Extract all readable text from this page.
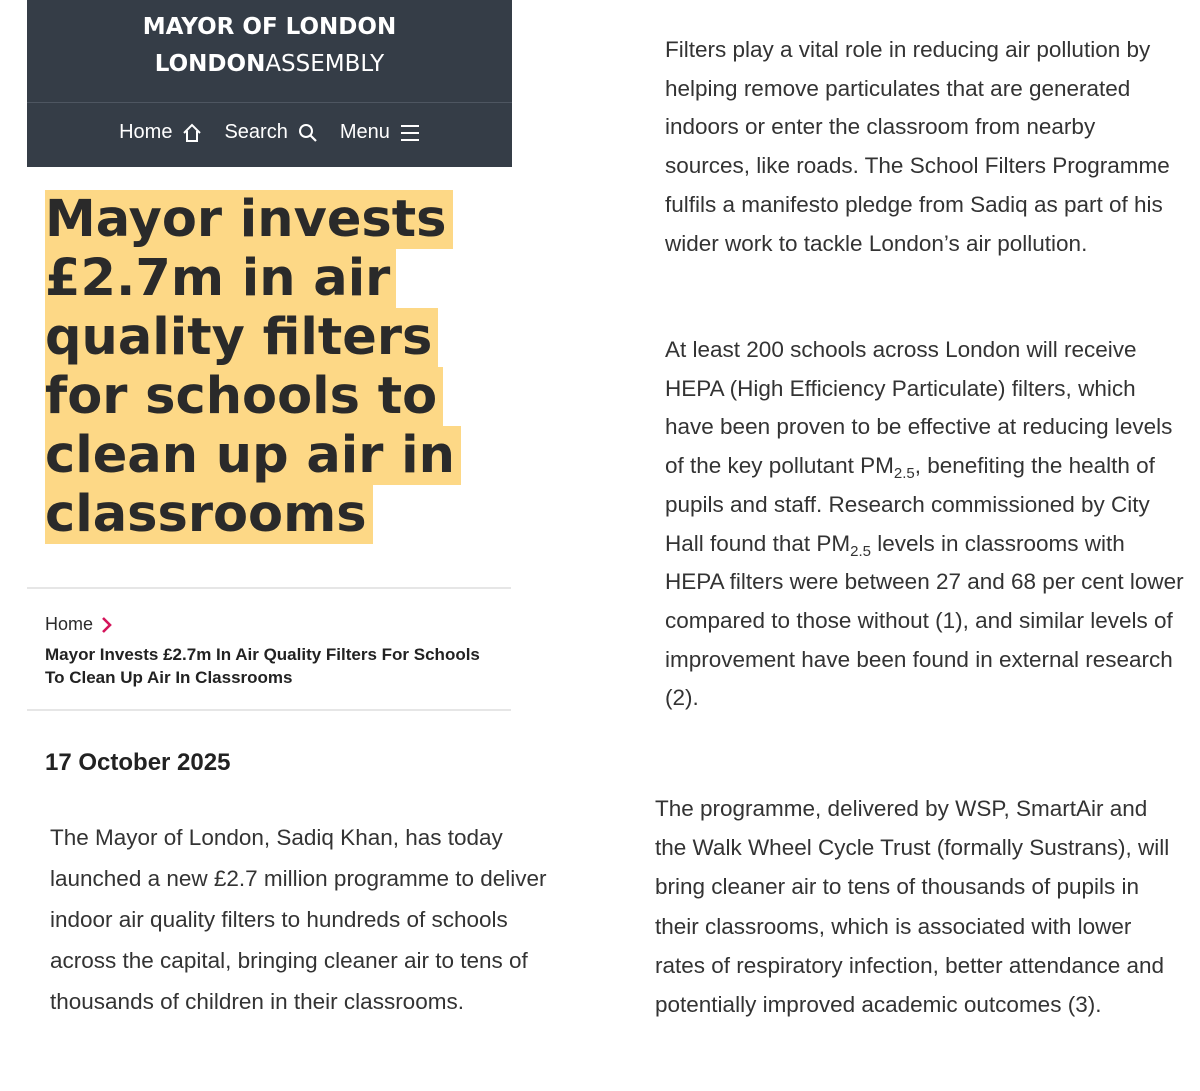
MAYOR OF LONDON
LONDONASSEMBLY
Home	Search	Menu
Mayor invests
£2.7m in air
quality filters
for schools to
clean up air in
classrooms
Home
Mayor Invests £2.7m In Air Quality Filters For Schools To Clean Up Air In Classrooms
17 October 2025

The Mayor of London, Sadiq Khan, has today launched a new £2.7 million programme to deliver indoor air quality filters to hundreds of schools across the capital, bringing cleaner air to tens of thousands of children in their classrooms.

Filters play a vital role in reducing air pollution by helping remove particulates that are generated indoors or enter the classroom from nearby sources, like roads. The School Filters Programme fulfils a manifesto pledge from Sadiq as part of his wider work to tackle London’s air pollution.

At least 200 schools across London will receive HEPA (High Efficiency Particulate) filters, which have been proven to be effective at reducing levels of the key pollutant $PM_{2.5}$, benefiting the health of pupils and staff. Research commissioned by City Hall found that $PM_{2.5}$ levels in classrooms with HEPA filters were between 27 and 68 per cent lower compared to those without (1), and similar levels of improvement have been found in external research (2).

The programme, delivered by WSP, SmartAir and the Walk Wheel Cycle Trust (formally Sustrans), will bring cleaner air to tens of thousands of pupils in their classrooms, which is associated with lower rates of respiratory infection, better attendance and potentially improved academic outcomes (3).
